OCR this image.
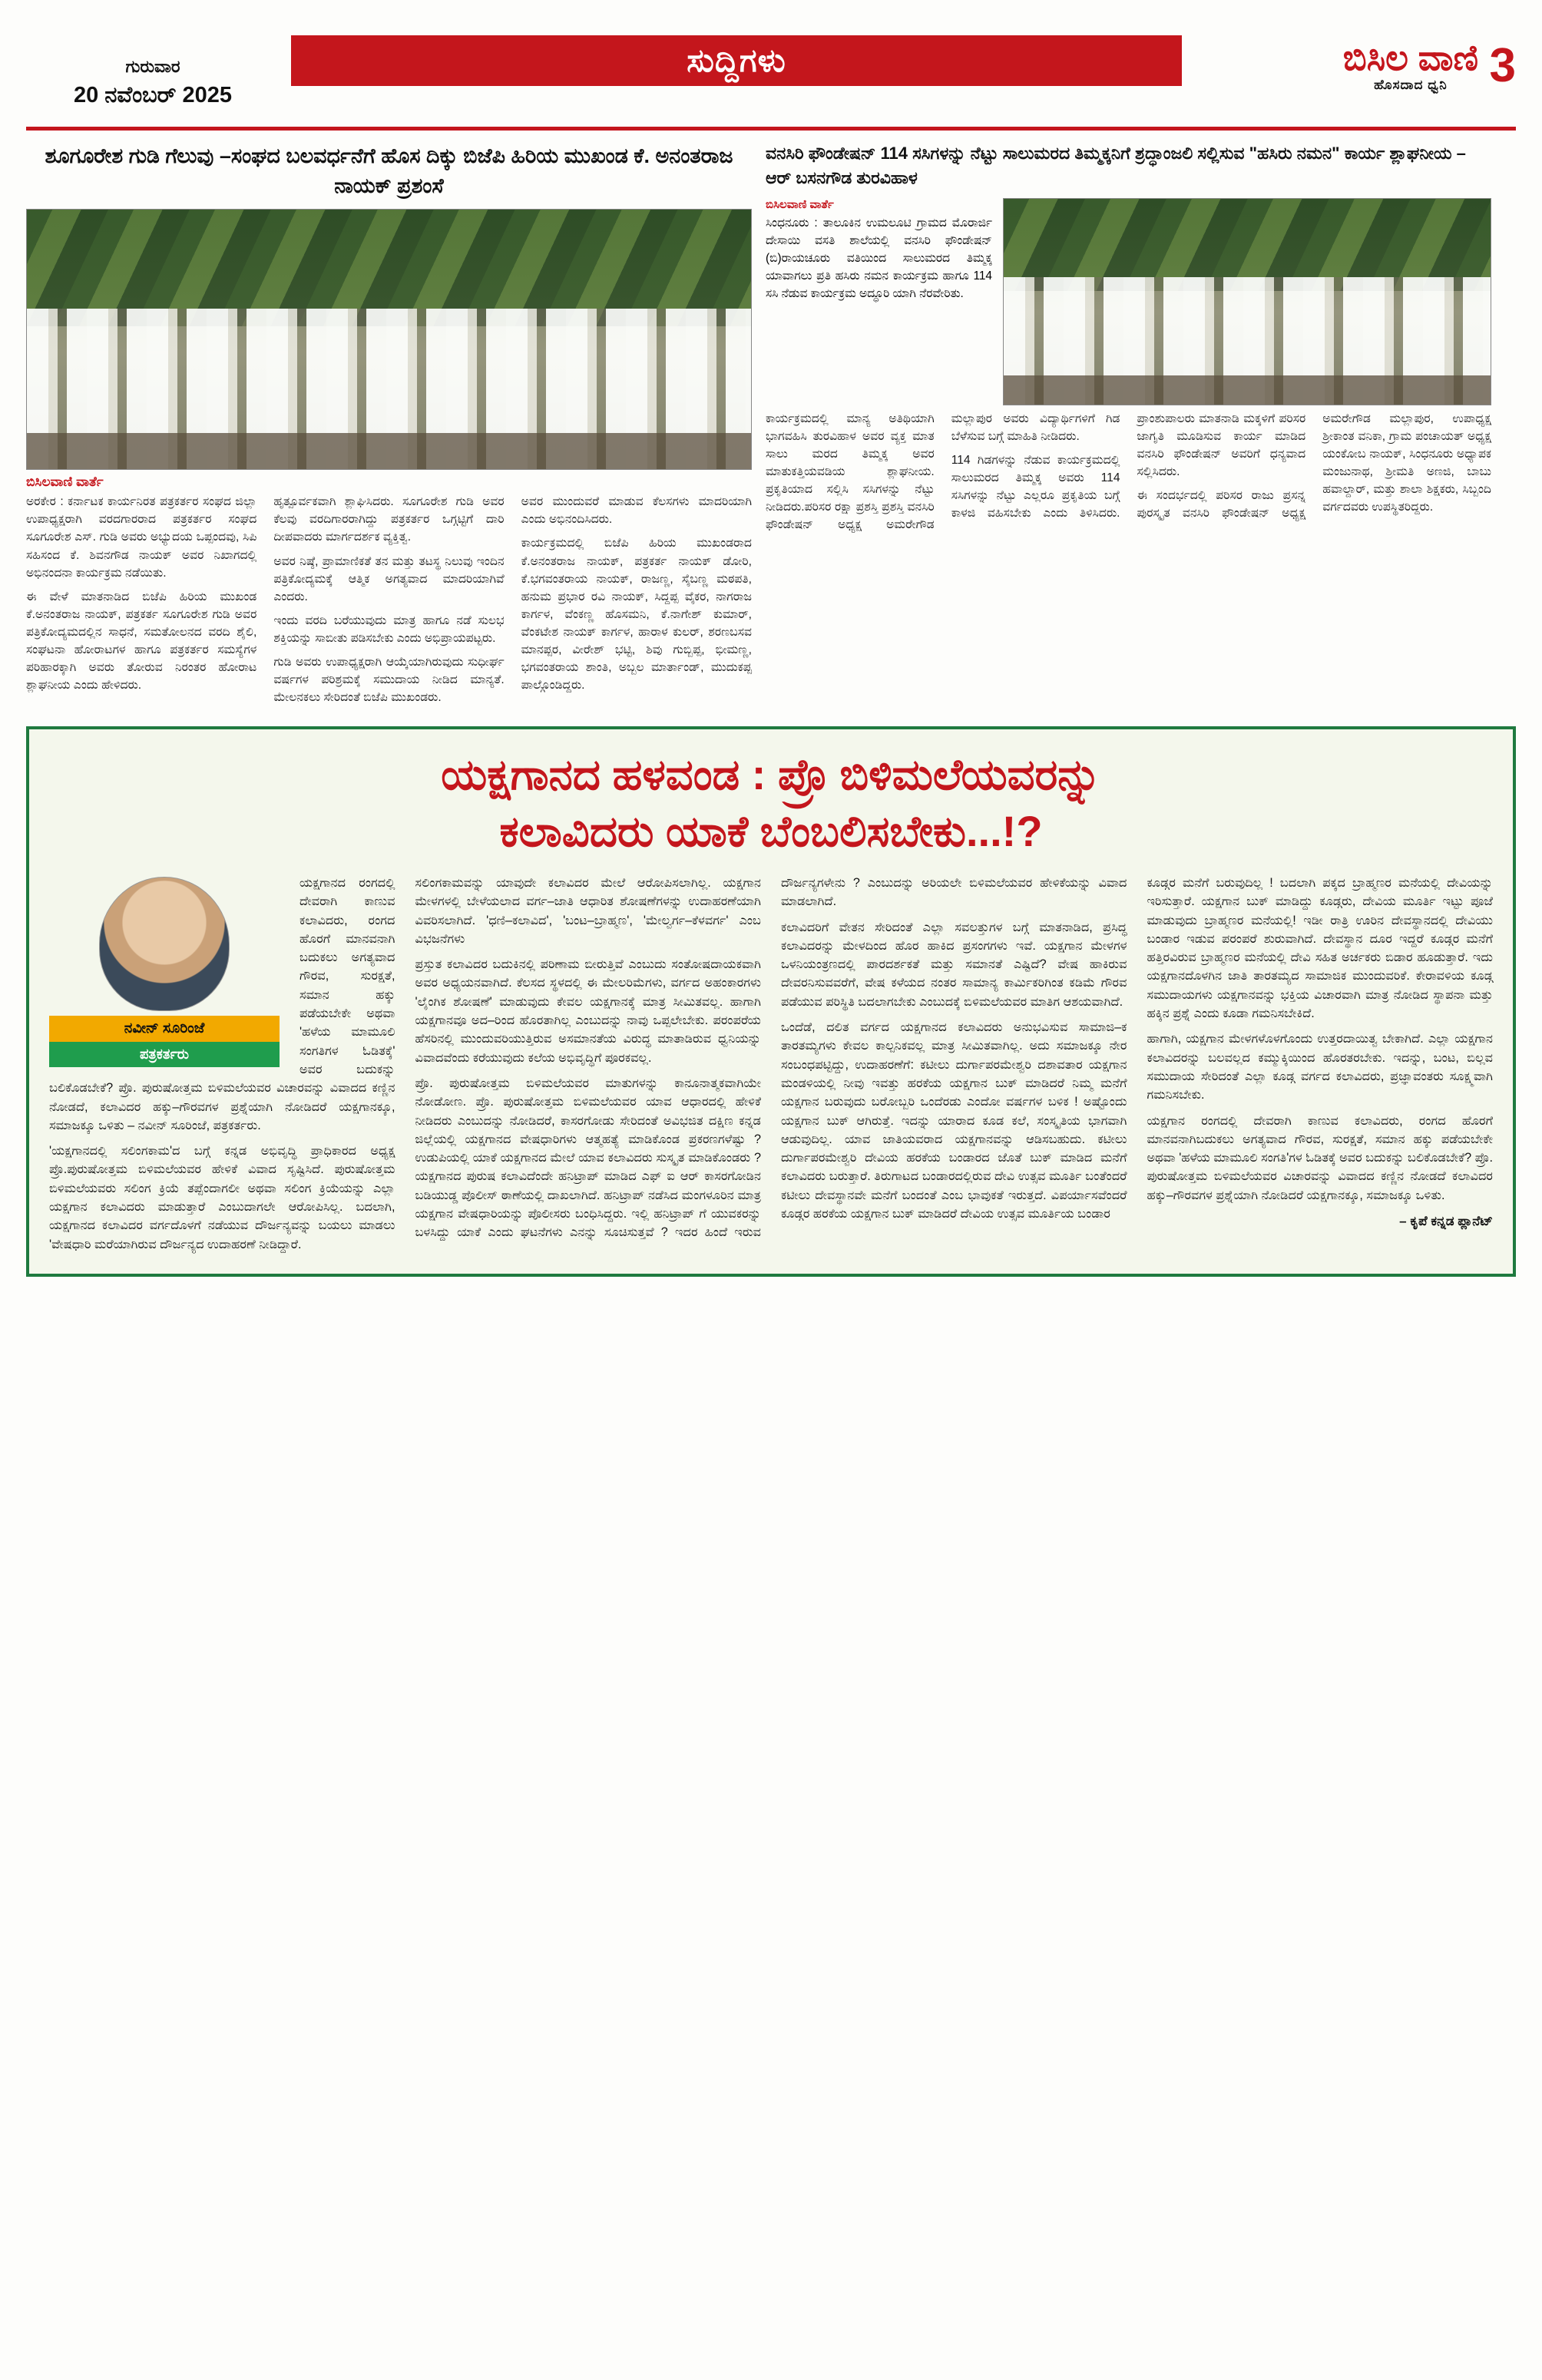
ಗುರುವಾರ
20 ನವೆಂಬರ್ 2025
ಸುದ್ದಿಗಳು	ಬಿಸಿಲ ವಾಣಿ
ಹೊಸದಾದ ಧ್ವನಿ 3
ಶೂಗೂರೇಶ ಗುಡಿ ಗೆಲುವು –ಸಂಘದ ಬಲವರ್ಧನೆಗೆ ಹೊಸ ದಿಕ್ಕು ಬಿಜೆಪಿ ಹಿರಿಯ ಮುಖಂಡ ಕೆ. ಅನಂತರಾಜ ನಾಯಕ್ ಪ್ರಶಂಸೆ
ಬಿಸಿಲವಾಣಿ ವಾರ್ತೆ

ಅರಕೇರ : ಕರ್ನಾಟಕ ಕಾರ್ಯನಿರತ ಪತ್ರಕರ್ತರ ಸಂಘದ ಜಿಲ್ಲಾ ಉಪಾಧ್ಯಕ್ಷರಾಗಿ ವರದಗಾರರಾದ ಪತ್ರಕರ್ತರ ಸಂಘದ ಸೂಗೂರೇಶ ಎಸ್. ಗುಡಿ ಅವರು ಅಭ್ಯುದಯ ಒಪ್ಪಂದವು, ಸಿಪಿ ಸಹಿಸಂದ ಕೆ. ಶಿವನಗೌಡ ನಾಯಕ್ ಅವರ ನಿಖಾಗದಲ್ಲಿ ಅಭಿನಂದನಾ ಕಾರ್ಯಕ್ರಮ ನಡೆಯಿತು.

ಈ ವೇಳೆ ಮಾತನಾಡಿದ ಬಿಜೆಪಿ ಹಿರಿಯ ಮುಖಂಡ ಕೆ.ಅನಂತರಾಜ ನಾಯಕ್, ಪತ್ರಕರ್ತ ಸೂಗೂರೇಶ ಗುಡಿ ಅವರ ಪತ್ರಿಕೋದ್ಯಮದಲ್ಲಿನ ಸಾಧನೆ, ಸಮತೋಲನದ ವರದಿ ಶೈಲಿ, ಸಂಘಟನಾ ಹೋರಾಟಗಳ ಹಾಗೂ ಪತ್ರಕರ್ತರ ಸಮಸ್ಯೆಗಳ ಪರಿಹಾರಕ್ಕಾಗಿ ಅವರು ತೋರುವ ನಿರಂತರ ಹೋರಾಟ ಶ್ಲಾಘನೀಯ ಎಂದು ಹೇಳಿದರು.

ಹೃತ್ಪೂರ್ವಕವಾಗಿ ಶ್ಲಾಘಿಸಿದರು. ಸೂಗೂರೇಶ ಗುಡಿ ಅವರ ಕೆಲವು ವರದಿಗಾರರಾಗಿದ್ದು ಪತ್ರಕರ್ತರ ಒಗ್ಗಟ್ಟಿಗೆ ದಾರಿ ದೀಪವಾದರು ಮಾರ್ಗದರ್ಶಕ ವ್ಯಕ್ತಿತ್ವ.

ಅವರ ನಿಷ್ಠೆ, ಪ್ರಾಮಾಣಿಕತೆ ತನ ಮತ್ತು ತಟಸ್ಥ ನಿಲುವು ಇಂದಿನ ಪತ್ರಿಕೋದ್ಯಮಕ್ಕೆ ಆತ್ಮಿಕ ಅಗತ್ಯವಾದ ಮಾದರಿಯಾಗಿವೆ ಎಂದರು.

ಇಂದು ವರದಿ ಬರೆಯುವುದು ಮಾತ್ರ ಹಾಗೂ ನಡೆ ಸುಲಭ ಶಕ್ತಿಯನ್ನು ಸಾಬೀತು ಪಡಿಸಬೇಕು ಎಂದು ಅಭಿಪ್ರಾಯಪಟ್ಟರು.

ಗುಡಿ ಅವರು ಉಪಾಧ್ಯಕ್ಷರಾಗಿ ಆಯ್ಕೆಯಾಗಿರುವುದು ಸುಧೀರ್ಘ ವರ್ಷಗಳ ಪರಿಶ್ರಮಕ್ಕೆ ಸಮುದಾಯ ನೀಡಿದ ಮಾನ್ಯತೆ. ಮೇಲನಕಲು ಸೇರಿದಂತೆ ಬಿಜೆಪಿ ಮುಖಂಡರು.

ಅವರ ಮುಂದುವರೆ ಮಾಡುವ ಕೆಲಸಗಳು ಮಾದರಿಯಾಗಿ ಎಂದು ಅಭಿನಂದಿಸಿದರು.

ಕಾರ್ಯಕ್ರಮದಲ್ಲಿ ಬಿಜೆಪಿ ಹಿರಿಯ ಮುಖಂಡರಾದ ಕೆ.ಅನಂತರಾಜ ನಾಯಕ್, ಪತ್ರಕರ್ತ ನಾಯಕ್ ಡೋರಿ, ಕೆ.ಭಗವಂತರಾಯ ನಾಯಕ್, ರಾಜಣ್ಣ, ಸೈಬಣ್ಣ ಮಠಪತಿ, ಹನುಮ ಪ್ರಭಾರ ರವಿ ನಾಯಕ್, ಸಿದ್ದಪ್ಪ ವೈಕರ, ನಾಗರಾಜ ಕಾರ್ಗಳ, ವೆಂಕಣ್ಣ ಹೊಸಮನಿ, ಕೆ.ನಾಗೇಶ್ ಕುಮಾರ್, ವೆಂಕಟೇಶ ನಾಯಕ್ ಕಾರ್ಗಳ, ಹಾರಾಳ ಕುಲರ್, ಶರಣಬಸವ ಮಾನಪ್ಪರ, ವೀರೇಶ್ ಭಟ್ಟಿ, ಶಿವು ಗುಬ್ಬಿಪ್ಪ, ಭೀಮಣ್ಣ, ಭಗವಂತರಾಯ ಶಾಂತಿ, ಅಬ್ಬಲ ಮಾರ್ತಾಂಡ್, ಮುದುಕಪ್ಪ ಪಾಲ್ಗೊಂಡಿದ್ದರು.

ವನಸಿರಿ ಫೌಂಡೇಷನ್ 114 ಸಸಿಗಳನ್ನು ನೆಟ್ಟು ಸಾಲುಮರದ ತಿಮ್ಮಕ್ಕನಿಗೆ ಶ್ರದ್ಧಾಂಜಲಿ ಸಲ್ಲಿಸುವ "ಹಸಿರು ನಮನ" ಕಾರ್ಯ ಶ್ಲಾಘನೀಯ – ಆರ್ ಬಸನಗೌಡ ತುರವಿಹಾಳ
ಬಿಸಿಲವಾಣಿ ವಾರ್ತೆ

ಸಿಂಧನೂರು : ತಾಲೂಕಿನ ಉಮಲೂಟಿ ಗ್ರಾಮದ ಮೊರಾರ್ಜಿ ದೇಸಾಯಿ ವಸತಿ ಶಾಲೆಯಲ್ಲಿ ವನಸಿರಿ ಫೌಂಡೇಷನ್ (ಬಿ)ರಾಯಚೂರು ವತಿಯಿಂದ ಸಾಲುಮರದ ತಿಮ್ಮಕ್ಕ ಯಾವಾಗಲು ಪ್ರತಿ ಹಸಿರು ನಮನ ಕಾರ್ಯಕ್ರಮ ಹಾಗೂ 114 ಸಸಿ ನೆಡುವ ಕಾರ್ಯಕ್ರಮ ಅದ್ಧೂರಿ ಯಾಗಿ ನೆರವೇರಿತು.

ಕಾರ್ಯಕ್ರಮದಲ್ಲಿ ಮಾನ್ಯ ಅತಿಥಿಯಾಗಿ ಭಾಗವಹಿಸಿ ತುರವಿಹಾಳ ಅವರ ವ್ಯಕ್ತ ಮಾತ ಸಾಲು ಮರದ ತಿಮ್ಮಕ್ಕ ಅವರ ಮಾತುಕತ್ತಿಯವಡಿಯ ಶ್ಲಾಘನೀಯ. ಪ್ರಕೃತಿಯಾದ ಸಲ್ಲಿಸಿ ಸಸಿಗಳನ್ನು ನೆಟ್ಟು ನೀಡಿದರು.ಪರಿಸರ ರಕ್ಷಾ ಪ್ರಶಸ್ತಿ ಪ್ರಶಸ್ತಿ ವನಸಿರಿ ಫೌಂಡೇಷನ್ ಅಧ್ಯಕ್ಷ ಅಮರೇಗೌಡ ಮಲ್ಲಾಪುರ ಅವರು ವಿದ್ಯಾರ್ಥಿಗಳಿಗೆ ಗಿಡ ಬೆಳೆಸುವ ಬಗ್ಗೆ ಮಾಹಿತಿ ನೀಡಿದರು.

114 ಗಿಡಗಳನ್ನು ನೆಡುವ ಕಾರ್ಯಕ್ರಮದಲ್ಲಿ ಸಾಲುಮರದ ತಿಮ್ಮಕ್ಕ ಅವರು 114 ಸಸಿಗಳನ್ನು ನೆಟ್ಟು ಎಲ್ಲರೂ ಪ್ರಕೃತಿಯ ಬಗ್ಗೆ ಕಾಳಜಿ ವಹಿಸಬೇಕು ಎಂದು ತಿಳಿಸಿದರು. ಪ್ರಾಂಶುಪಾಲರು ಮಾತನಾಡಿ ಮಕ್ಕಳಿಗೆ ಪರಿಸರ ಜಾಗೃತಿ ಮೂಡಿಸುವ ಕಾರ್ಯ ಮಾಡಿದ ವನಸಿರಿ ಫೌಂಡೇಷನ್ ಅವರಿಗೆ ಧನ್ಯವಾದ ಸಲ್ಲಿಸಿದರು.

ಈ ಸಂದರ್ಭದಲ್ಲಿ ಪರಿಸರ ರಾಜು ಪ್ರಸನ್ನ ಪುರಸ್ಕೃತ ವನಸಿರಿ ಫೌಂಡೇಷನ್ ಅಧ್ಯಕ್ಷ ಅಮರೇಗೌಡ ಮಲ್ಲಾಪುರ, ಉಪಾಧ್ಯಕ್ಷ ಶ್ರೀಕಾಂತ ವನಿಕಾ, ಗ್ರಾಮ ಪಂಚಾಯತ್ ಅಧ್ಯಕ್ಷ ಯಂಕೋಬ ನಾಯಕ್, ಸಿಂಧನೂರು ಅಧ್ಯಾಪಕ ಮಂಜುನಾಥ, ಶ್ರೀಮತಿ ಅಣಜಿ, ಬಾಬು ಹವಾಲ್ದಾರ್, ಮತ್ತು ಶಾಲಾ ಶಿಕ್ಷಕರು, ಸಿಬ್ಬಂದಿ ವರ್ಗದವರು ಉಪಸ್ಥಿತರಿದ್ದರು.

ಯಕ್ಷಗಾನದ ಹಳವಂಡ : ಪ್ರೊ ಬಿಳಿಮಲೆಯವರನ್ನು
ಕಲಾವಿದರು ಯಾಕೆ ಬೆಂಬಲಿಸಬೇಕು...!?
ನವೀನ್ ಸೂರಿಂಜೆ
ಪತ್ರಕರ್ತರು

ಯಕ್ಷಗಾನದ ರಂಗದಲ್ಲಿ ದೇವರಾಗಿ ಕಾಣುವ ಕಲಾವಿದರು, ರಂಗದ ಹೊರಗೆ ಮಾನವನಾಗಿ ಬದುಕಲು ಅಗತ್ಯವಾದ ಗೌರವ, ಸುರಕ್ಷತೆ, ಸಮಾನ ಹಕ್ಕು ಪಡೆಯಬೇಕೇ ಅಥವಾ 'ಹಳೆಯ ಮಾಮೂಲಿ ಸಂಗತಿಗಳ ಓಡಿತಕ್ಕೆ' ಅವರ ಬದುಕನ್ನು ಬಲಿಕೊಡಬೇಕೆ? ಪ್ರೊ. ಪುರುಷೋತ್ತಮ ಬಿಳಿಮಲೆಯವರ ವಿಚಾರವನ್ನು ವಿವಾದದ ಕಣ್ಣಿನ ನೋಡದೆ, ಕಲಾವಿದರ ಹಕ್ಕು–ಗೌರವಗಳ ಪ್ರಶ್ನೆಯಾಗಿ ನೋಡಿದರೆ ಯಕ್ಷಗಾನಕ್ಕೂ, ಸಮಾಜಕ್ಕೂ ಒಳಿತು – ನವೀನ್ ಸೂರಿಂಜೆ, ಪತ್ರಕರ್ತರು.

'ಯಕ್ಷಗಾನದಲ್ಲಿ ಸಲಿಂಗಕಾಮ'ದ ಬಗ್ಗೆ ಕನ್ನಡ ಅಭಿವೃದ್ಧಿ ಪ್ರಾಧಿಕಾರದ ಅಧ್ಯಕ್ಷ ಪ್ರೊ.ಪುರುಷೋತ್ತಮ ಬಿಳಿಮಲೆಯವರ ಹೇಳಿಕೆ ವಿವಾದ ಸೃಷ್ಟಿಸಿದೆ. ಪುರುಷೋತ್ತಮ ಬಿಳಿಮಲೆಯವರು ಸಲಿಂಗ ಕ್ರಿಯೆ ತಪ್ಪೆಂದಾಗಲೀ ಅಥವಾ ಸಲಿಂಗ ಕ್ರಿಯೆಯನ್ನು ಎಲ್ಲಾ ಯಕ್ಷಗಾನ ಕಲಾವಿದರು ಮಾಡುತ್ತಾರೆ ಎಂಬುದಾಗಲೇ ಆರೋಪಿಸಿಲ್ಲ. ಬದಲಾಗಿ, ಯಕ್ಷಗಾನದ ಕಲಾವಿದರ ವರ್ಗದೊಳಗೆ ನಡೆಯುವ ದೌರ್ಜನ್ಯವನ್ನು ಬಯಲು ಮಾಡಲು 'ವೇಷಧಾರಿ ಮರೆಯಾಗಿರುವ ದೌರ್ಜನ್ಯದ ಉದಾಹರಣೆ ನೀಡಿದ್ದಾರೆ.

ಸಲಿಂಗಕಾಮವನ್ನು ಯಾವುದೇ ಕಲಾವಿದರ ಮೇಲೆ ಆರೋಪಿಸಲಾಗಿಲ್ಲ. ಯಕ್ಷಗಾನ ಮೇಳಗಳಲ್ಲಿ ಬೇಳೆಯಲಾದ ವರ್ಗ–ಜಾತಿ ಆಧಾರಿತ ಶೋಷಣೆಗಳನ್ನು ಉದಾಹರಣೆಯಾಗಿ ವಿವರಿಸಲಾಗಿದೆ. 'ಧಣಿ–ಕಲಾವಿದ', 'ಬಂಟ–ಬ್ರಾಹ್ಮಣ', 'ಮೇಲ್ವರ್ಗ–ಕೆಳವರ್ಗ' ಎಂಬ ವಿಭಜನೆಗಳು

ಪ್ರಸ್ತುತ ಕಲಾವಿದರ ಬದುಕಿನಲ್ಲಿ ಪರಿಣಾಮ ಬೀರುತ್ತಿವೆ ಎಂಬುದು ಸಂತೋಷದಾಯಕವಾಗಿ ಅವರ ಅಧ್ಯಯನವಾಗಿದೆ. ಕೆಲಸದ ಸ್ಥಳದಲ್ಲಿ ಈ ಮೇಲರಿಮೆಗಳು, ವರ್ಗದ ಅಹಂಕಾರಗಳು 'ಲೈಂಗಿಕ ಶೋಷಣೆ' ಮಾಡುವುದು ಕೇವಲ ಯಕ್ಷಗಾನಕ್ಕೆ ಮಾತ್ರ ಸೀಮಿತವಲ್ಲ. ಹಾಗಾಗಿ ಯಕ್ಷಗಾನವೂ ಅದ–ರಿಂದ ಹೊರತಾಗಿಲ್ಲ ಎಂಬುದನ್ನು ನಾವು ಒಪ್ಪಲೇಬೇಕು. ಪರಂಪರೆಯ ಹೆಸರಿನಲ್ಲಿ ಮುಂದುವರಿಯುತ್ತಿರುವ ಅಸಮಾನತೆಯ ವಿರುದ್ಧ ಮಾತಾಡಿರುವ ಧ್ವನಿಯನ್ನು ವಿವಾದವೆಂದು ಕರೆಯುವುದು ಕಲೆಯ ಅಭಿವೃದ್ಧಿಗೆ ಪೂರಕವಲ್ಲ.

ಪ್ರೊ. ಪುರುಷೋತ್ತಮ ಬಿಳಿಮಲೆಯವರ ಮಾತುಗಳನ್ನು ಕಾನೂನಾತ್ಮಕವಾಗಿಯೇ ನೋಡೋಣ. ಪ್ರೊ. ಪುರುಷೋತ್ತಮ ಬಿಳಿಮಲೆಯವರ ಯಾವ ಆಧಾರದಲ್ಲಿ ಹೇಳಿಕೆ ನೀಡಿದರು ಎಂಬುದನ್ನು ನೋಡಿದರೆ, ಕಾಸರಗೋಡು ಸೇರಿದಂತೆ ಅವಿಭಜಿತ ದಕ್ಷಿಣ ಕನ್ನಡ ಜಿಲ್ಲೆಯಲ್ಲಿ ಯಕ್ಷಗಾನದ ವೇಷಧಾರಿಗಳು ಆತ್ಮಹತ್ಯೆ ಮಾಡಿಕೊಂಡ ಪ್ರಕರಣಗಳೆಷ್ಟು ? ಉಡುಪಿಯಲ್ಲಿ ಯಾಕೆ ಯಕ್ಷಗಾನದ ಮೇಲೆ ಯಾವ ಕಲಾವಿದರು ಸುಸ್ಕೃತ ಮಾಡಿಕೊಂಡರು ? ಯಕ್ಷಗಾನದ ಪುರುಷ ಕಲಾವಿದೆಂದೇ ಹನಿಟ್ರಾಪ್ ಮಾಡಿದ ಎಫ್ ಐ ಆರ್ ಕಾಸರಗೋಡಿನ ಬಡಿಯುಡ್ಡ ಪೊಲೀಸ್ ಠಾಣೆಯಲ್ಲಿ ದಾಖಲಾಗಿದೆ. ಹನಿಟ್ರಾಪ್ ನಡೆಸಿದ ಮಂಗಳೂರಿನ ಮಾತ್ರ ಯಕ್ಷಗಾನ ವೇಷಧಾರಿಯನ್ನು ಪೊಲೀಸರು ಬಂಧಿಸಿದ್ದರು. ಇಲ್ಲಿ ಹನಿಟ್ರಾಪ್ ಗೆ ಯುವಕರನ್ನು ಬಳಸಿದ್ದು ಯಾಕೆ ಎಂದು ಘಟನೆಗಳು ಎನನ್ನು ಸೂಚಿಸುತ್ತವೆ ? ಇದರ ಹಿಂದೆ ಇರುವ ದೌರ್ಜನ್ಯಗಳೇನು ? ಎಂಬುದನ್ನು ಅರಿಯಲೇ ಬಿಳಿಮಲೆಯವರ ಹೇಳಿಕೆಯನ್ನು ವಿವಾದ ಮಾಡಲಾಗಿದೆ.

ಕಲಾವಿದರಿಗೆ ವೇತನ ಸೇರಿದಂತೆ ಎಲ್ಲಾ ಸವಲತ್ತುಗಳ ಬಗ್ಗೆ ಮಾತನಾಡಿದ, ಪ್ರಸಿದ್ಧ ಕಲಾವಿದರನ್ನು ಮೇಳದಿಂದ ಹೊರ ಹಾಕಿದ ಪ್ರಸಂಗಗಳು ಇವೆ. ಯಕ್ಷಗಾನ ಮೇಳಗಳ ಒಳನಿಯಂತ್ರಣದಲ್ಲಿ ಪಾರದರ್ಶಕತೆ ಮತ್ತು ಸಮಾನತೆ ಎಷ್ಟಿದೆ? ವೇಷ ಹಾಕಿರುವ ದೇವರನಿಸುವವರೆಗೆ, ವೇಷ ಕಳೆಯದ ನಂತರ ಸಾಮಾನ್ಯ ಕಾರ್ಮಿಕರಿಗಿಂತ ಕಡಿಮೆ ಗೌರವ ಪಡೆಯುವ ಪರಿಸ್ಥಿತಿ ಬದಲಾಗಬೇಕು ಎಂಬುದಕ್ಕೆ ಬಿಳಿಮಲೆಯವರ ಮಾತಿಗ ಆಶಯವಾಗಿದೆ.

ಒಂದೆಡೆ, ದಲಿತ ವರ್ಗದ ಯಕ್ಷಗಾನದ ಕಲಾವಿದರು ಅನುಭವಿಸುವ ಸಾಮಾಜಿ–ಕ ತಾರತಮ್ಯಗಳು ಕೇವಲ ಕಾಲ್ಪನಿಕವಲ್ಲ ಮಾತ್ರ ಸೀಮಿತವಾಗಿಲ್ಲ. ಅದು ಸಮಾಜಕ್ಕೂ ನೇರ ಸಂಬಂಧಪಟ್ಟಿದ್ದು, ಉದಾಹರಣೆಗೆ: ಕಟೀಲು ದುರ್ಗಾಪರಮೇಶ್ವರಿ ದಶಾವತಾರ ಯಕ್ಷಗಾನ ಮಂಡಳಿಯಲ್ಲಿ ನೀವು ಇವತ್ತು ಹರಕೆಯ ಯಕ್ಷಗಾನ ಬುಕ್ ಮಾಡಿದರೆ ನಿಮ್ಮ ಮನೆಗೆ ಯಕ್ಷಗಾನ ಬರುವುದು ಬರೋಬ್ಬರಿ ಒಂದೆರಡು ಎಂದೋ ವರ್ಷಗಳ ಬಳಿಕ ! ಅಷ್ಟೊಂದು ಯಕ್ಷಗಾನ ಬುಕ್ ಆಗಿರುತ್ತೆ. ಇದನ್ನು ಯಾರಾದ ಕೂಡ ಕಲೆ, ಸಂಸ್ಕೃತಿಯ ಭಾಗವಾಗಿ ಆಡುವುದಿಲ್ಲ. ಯಾವ ಜಾತಿಯವರಾದ ಯಕ್ಷಗಾನವನ್ನು ಆಡಿಸಬಹುದು. ಕಟೀಲು ದುರ್ಗಾಪರಮೇಶ್ವರಿ ದೇವಿಯ ಹರಕೆಯ ಬಂಡಾರದ ಜೊತೆ ಬುಕ್ ಮಾಡಿದ ಮನೆಗೆ ಕಲಾವಿದರು ಬರುತ್ತಾರೆ. ತಿರುಗಾಟದ ಬಂಡಾರದಲ್ಲಿರುವ ದೇವಿ ಉತ್ಸವ ಮೂರ್ತಿ ಬಂತೆಂದರೆ ಕಟೀಲು ದೇವಸ್ಥಾನವೇ ಮನೆಗೆ ಬಂದಂತೆ ಎಂಬ ಭಾವುಕತೆ ಇರುತ್ತದೆ. ವಿಪರ್ಯಾಸವೆಂದರೆ ಕೂಡ್ಗರ ಹರಕೆಯ ಯಕ್ಷಗಾನ ಬುಕ್ ಮಾಡಿದರೆ ದೇವಿಯ ಉತ್ಸವ ಮೂರ್ತಿಯ ಬಂಡಾರ

ಕೂಡ್ಗರ ಮನೆಗೆ ಬರುವುದಿಲ್ಲ ! ಬದಲಾಗಿ ಪಕ್ಕದ ಬ್ರಾಹ್ಮಣರ ಮನೆಯಲ್ಲಿ ದೇವಿಯನ್ನು ಇರಿಸುತ್ತಾರೆ. ಯಕ್ಷಗಾನ ಬುಕ್ ಮಾಡಿದ್ದು ಕೂಡ್ಗರು, ದೇವಿಯ ಮೂರ್ತಿ ಇಟ್ಟು ಪೂಜೆ ಮಾಡುವುದು ಬ್ರಾಹ್ಮಣರ ಮನೆಯಲ್ಲಿ! ಇಡೀ ರಾತ್ರಿ ಊರಿನ ದೇವಸ್ಥಾನದಲ್ಲಿ ದೇವಿಯು ಬಂಡಾರ ಇಡುವ ಪರಂಪರೆ ಶುರುವಾಗಿದೆ. ದೇವಸ್ಥಾನ ದೂರ ಇದ್ದರೆ ಕೂಡ್ಗರ ಮನೆಗೆ ಹತ್ತಿರವಿರುವ ಬ್ರಾಹ್ಮಣರ ಮನೆಯಲ್ಲಿ ದೇವಿ ಸಹಿತ ಅರ್ಚಕರು ಬಿಡಾರ ಹೂಡುತ್ತಾರೆ. ಇದು ಯಕ್ಷಗಾನದೊಳಗಿನ ಜಾತಿ ತಾರತಮ್ಯದ ಸಾಮಾಜಿಕ ಮುಂದುವರಿಕೆ. ಕೇರಾವಳಿಯ ಕೂಡ್ಗ ಸಮುದಾಯಗಳು ಯಕ್ಷಗಾನವನ್ನು ಭಕ್ತಿಯ ವಿಚಾರವಾಗಿ ಮಾತ್ರ ನೋಡಿದ ಸ್ಥಾಪನಾ ಮತ್ತು ಹಕ್ಕಿನ ಪ್ರಶ್ನೆ ಎಂದು ಕೂಡಾ ಗಮನಿಸಬೇಕಿದೆ.

ಹಾಗಾಗಿ, ಯಕ್ಷಗಾನ ಮೇಳಗಳೊಳಗೊಂದು ಉತ್ತರದಾಯಿತ್ವ ಬೇಕಾಗಿದೆ. ಎಲ್ಲಾ ಯಕ್ಷಗಾನ ಕಲಾವಿದರನ್ನು ಬಲವಲ್ಲದ ಕಮ್ಮುಕ್ಕಿಯಿಂದ ಹೊರತರಬೇಕು. ಇದನ್ನು, ಬಂಟ, ಬಿಲ್ಲವ ಸಮುದಾಯ ಸೇರಿದಂತೆ ಎಲ್ಲಾ ಕೂಡ್ಗ ವರ್ಗದ ಕಲಾವಿದರು, ಪ್ರಜ್ಞಾವಂತರು ಸೂಕ್ಷ್ಮವಾಗಿ ಗಮನಿಸಬೇಕು.

ಯಕ್ಷಗಾನ ರಂಗದಲ್ಲಿ ದೇವರಾಗಿ ಕಾಣುವ ಕಲಾವಿದರು, ರಂಗದ ಹೊರಗೆ ಮಾನವನಾಗಿಬದುಕಲು ಅಗತ್ಯವಾದ ಗೌರವ, ಸುರಕ್ಷತೆ, ಸಮಾನ ಹಕ್ಕು ಪಡೆಯಬೇಕೇ ಅಥವಾ 'ಹಳೆಯ ಮಾಮೂಲಿ ಸಂಗತಿ'ಗಳ ಓಡಿತಕ್ಕೆ ಅವರ ಬದುಕನ್ನು ಬಲಿಕೊಡಬೇಕೆ? ಪ್ರೊ. ಪುರುಷೋತ್ತಮ ಬಿಳಿಮಲೆಯವರ ವಿಚಾರವನ್ನು ವಿವಾದದ ಕಣ್ಣಿನ ನೋಡದೆ ಕಲಾವಿದರ ಹಕ್ಕು–ಗೌರವಗಳ ಪ್ರಶ್ನೆಯಾಗಿ ನೋಡಿದರೆ ಯಕ್ಷಗಾನಕ್ಕೂ, ಸಮಾಜಕ್ಕೂ ಒಳಿತು.

– ಕೃಪೆ ಕನ್ನಡ ಪ್ಲಾನೆಟ್
